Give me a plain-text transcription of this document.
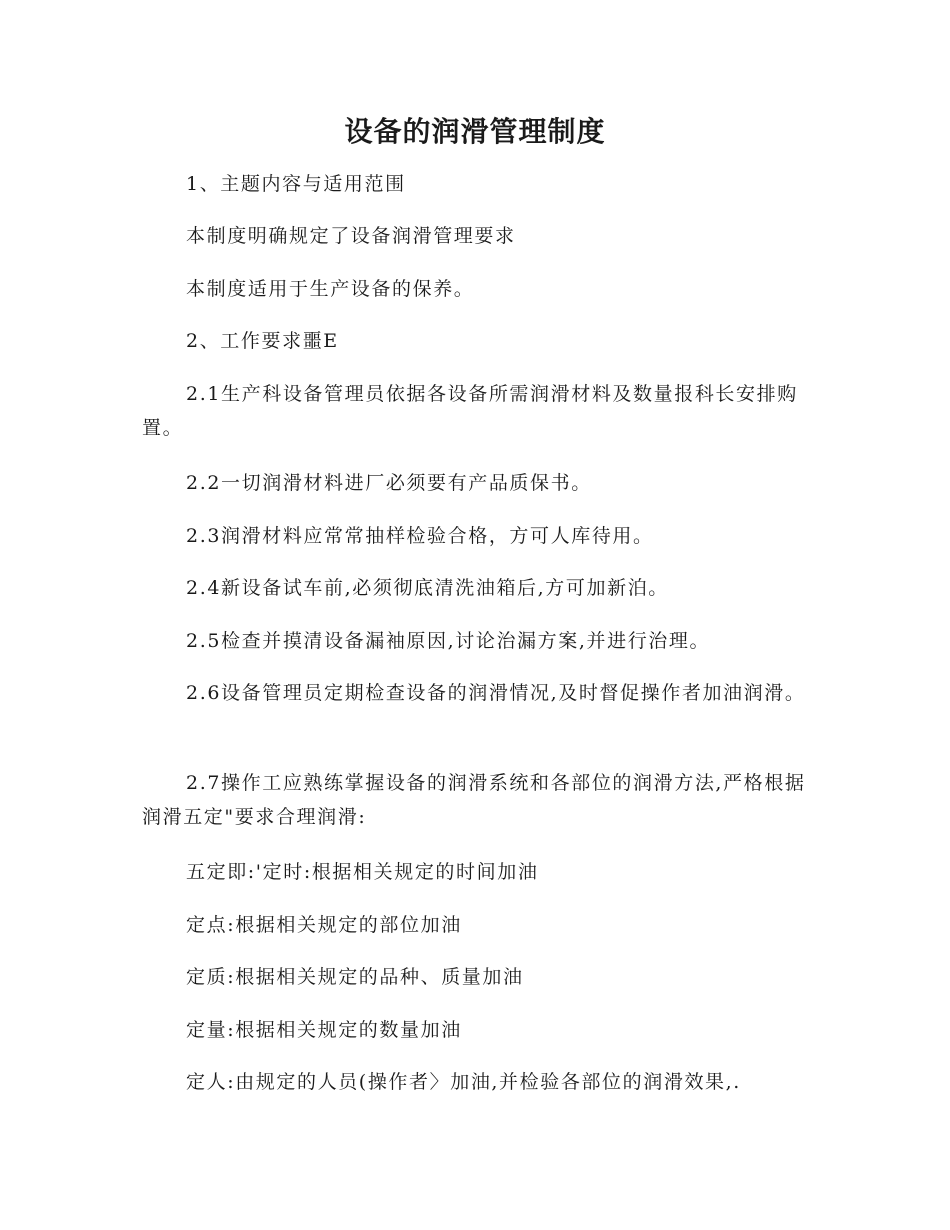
设备的润滑管理制度
1、主题内容与适用范围
本制度明确规定了设备润滑管理要求
本制度适用于生产设备的保养。
2、工作要求噩E
2.1生产科设备管理员依据各设备所需润滑材料及数量报科长安排购置。
2.2一切润滑材料进厂必须要有产品质保书。
2.3润滑材料应常常抽样检验合格，方可人库待用。
2.4新设备试车前,必须彻底清洗油箱后,方可加新泊。
2.5检查并摸清设备漏袖原因,讨论治漏方案,并进行治理。
2.6设备管理员定期检查设备的润滑情况,及时督促操作者加油润滑。
2.7操作工应熟练掌握设备的润滑系统和各部位的润滑方法,严格根据润滑五定"要求合理润滑:
五定即:'定时:根据相关规定的时间加油
定点:根据相关规定的部位加油
定质:根据相关规定的品种、质量加油
定量:根据相关规定的数量加油
定人:由规定的人员(操作者〉加油,并检验各部位的润滑效果,.
